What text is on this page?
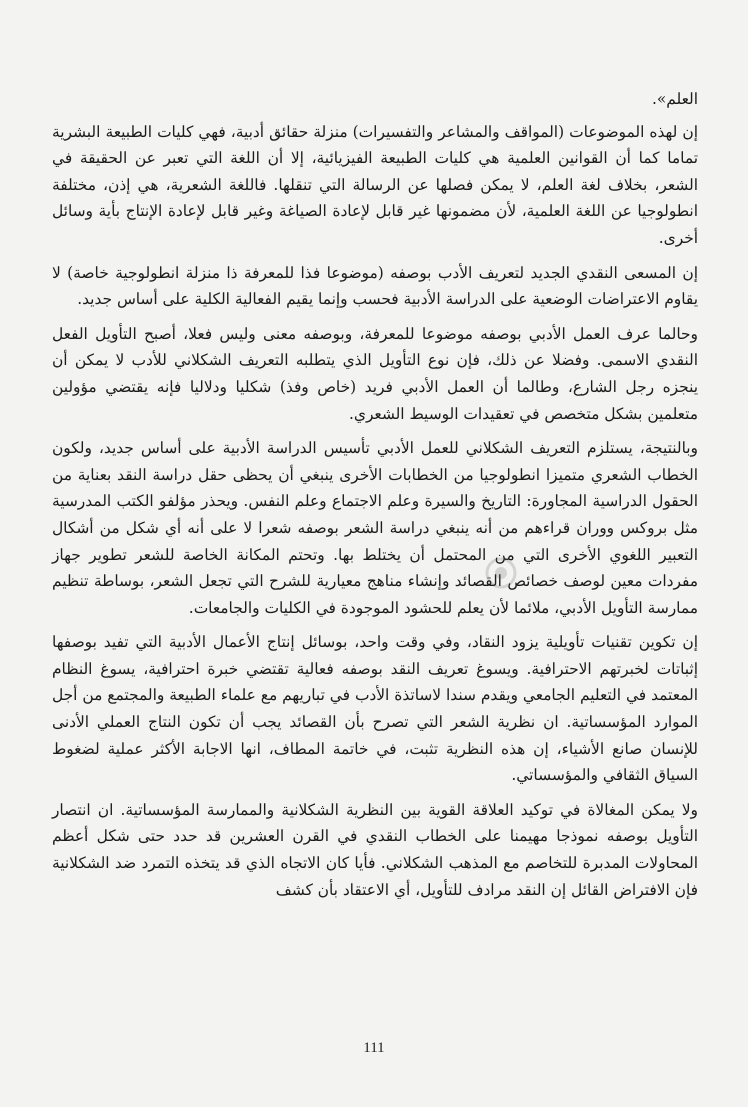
العلم».

إن لهذه الموضوعات (المواقف والمشاعر والتفسيرات) منزلة حقائق أدبية، فهي كليات الطبيعة البشرية تماما كما أن القوانين العلمية هي كليات الطبيعة الفيزيائية، إلا أن اللغة التي تعبر عن الحقيقة في الشعر، بخلاف لغة العلم، لا يمكن فصلها عن الرسالة التي تنقلها. فاللغة الشعرية، هي إذن، مختلفة انطولوجيا عن اللغة العلمية، لأن مضمونها غير قابل لإعادة الصياغة وغير قابل لإعادة الإنتاج بأية وسائل أخرى.

إن المسعى النقدي الجديد لتعريف الأدب بوصفه (موضوعا فذا للمعرفة ذا منزلة انطولوجية خاصة) لا يقاوم الاعتراضات الوضعية على الدراسة الأدبية فحسب وإنما يقيم الفعالية الكلية على أساس جديد.

وحالما عرف العمل الأدبي بوصفه موضوعا للمعرفة، وبوصفه معنى وليس فعلا، أصبح التأويل الفعل النقدي الاسمى. وفضلا عن ذلك، فإن نوع التأويل الذي يتطلبه التعريف الشكلاني للأدب لا يمكن أن ينجزه رجل الشارع، وطالما أن العمل الأدبي فريد (خاص وفذ) شكليا ودلاليا فإنه يقتضي مؤولين متعلمين بشكل متخصص في تعقيدات الوسيط الشعري.

وبالنتيجة، يستلزم التعريف الشكلاني للعمل الأدبي تأسيس الدراسة الأدبية على أساس جديد، ولكون الخطاب الشعري متميزا انطولوجيا من الخطابات الأخرى ينبغي أن يحظى حقل دراسة النقد بعناية من الحقول الدراسية المجاورة: التاريخ والسيرة وعلم الاجتماع وعلم النفس. ويحذر مؤلفو الكتب المدرسية مثل بروكس ووران قراءهم من أنه ينبغي دراسة الشعر بوصفه شعرا لا على أنه أي شكل من أشكال التعبير اللغوي الأخرى التي من المحتمل أن يختلط بها. وتحتم المكانة الخاصة للشعر تطوير جهاز مفردات معين لوصف خصائص القصائد وإنشاء مناهج معيارية للشرح التي تجعل الشعر، بوساطة تنظيم ممارسة التأويل الأدبي، ملائما لأن يعلم للحشود الموجودة في الكليات والجامعات.

إن تكوين تقنيات تأويلية يزود النقاد، وفي وقت واحد، بوسائل إنتاج الأعمال الأدبية التي تفيد بوصفها إثباتات لخبرتهم الاحترافية. ويسوغ تعريف النقد بوصفه فعالية تقتضي خبرة احترافية، يسوغ النظام المعتمد في التعليم الجامعي ويقدم سندا لاساتذة الأدب في تباريهم مع علماء الطبيعة والمجتمع من أجل الموارد المؤسساتية. ان نظرية الشعر التي تصرح بأن القصائد يجب أن تكون النتاج العملي الأدنى للإنسان صانع الأشياء، إن هذه النظرية تثبت، في خاتمة المطاف، انها الاجابة الأكثر عملية لضغوط السياق الثقافي والمؤسساتي.

ولا يمكن المغالاة في توكيد العلاقة القوية بين النظرية الشكلانية والممارسة المؤسساتية. ان انتصار التأويل بوصفه نموذجا مهيمنا على الخطاب النقدي في القرن العشرين قد حدد حتى شكل أعظم المحاولات المدبرة للتخاصم مع المذهب الشكلاني. فأيا كان الاتجاه الذي قد يتخذه التمرد ضد الشكلانية فإن الافتراض القائل إن النقد مرادف للتأويل، أي الاعتقاد بأن كشف

111
